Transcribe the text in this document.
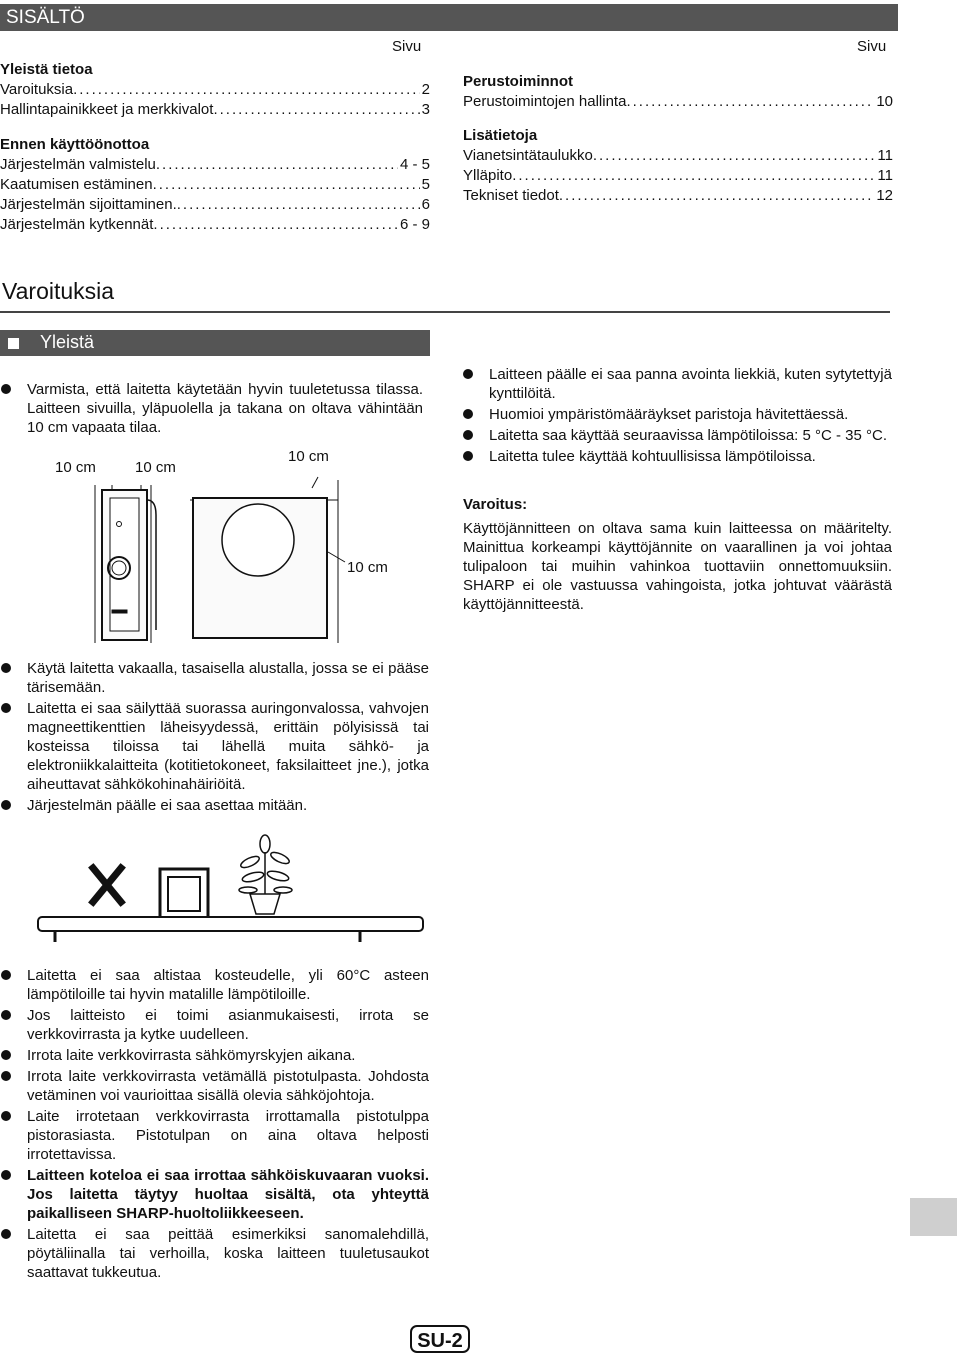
SISÄLTÖ
Sivu
Yleistä tietoa
Varoituksia .....	2
Hallintapainikkeet ja merkkivalot .....	3
Ennen käyttöönottoa
Järjestelmän valmistelu .....	4 - 5
Kaatumisen estäminen .....	5
Järjestelmän sijoittaminen. .....	6
Järjestelmän kytkennät .....	6 - 9
Sivu
Perustoiminnot
Perustoimintojen hallinta .....	10
Lisätietoja
Vianetsintätaulukko .....	11
Ylläpito .....	11
Tekniset tiedot .....	12
Varoituksia
Yleistä
Varmista, että laitetta käytetään hyvin tuuletetussa tilassa. Laitteen sivuilla, yläpuolella ja takana on oltava vähintään 10 cm vapaata tilaa.
10 cm	10 cm
10 cm
10 cm
Käytä laitetta vakaalla, tasaisella alustalla, jossa se ei pääse tärisemään.
Laitetta ei saa säilyttää suorassa auringonvalossa, vahvojen magneettikenttien läheisyydessä, erittäin pölyisissä tai kosteissa tiloissa tai lähellä muita sähkö- ja elektroniikkalaitteita (kotitietokoneet, faksilaitteet jne.), jotka aiheuttavat sähkökohinahäiriöitä.
Järjestelmän päälle ei saa asettaa mitään.
Laitetta ei saa altistaa kosteudelle, yli 60°C asteen lämpötiloille tai hyvin matalille lämpötiloille.
Jos laitteisto ei toimi asianmukaisesti, irrota se verkkovirrasta ja kytke uudelleen.
Irrota laite verkkovirrasta sähkömyrskyjen aikana.
Irrota laite verkkovirrasta vetämällä pistotulpasta. Johdosta vetäminen voi vaurioittaa sisällä olevia sähköjohtoja.
Laite irrotetaan verkkovirrasta irrottamalla pistotulppa pistorasiasta. Pistotulpan on aina oltava helposti irrotettavissa.
Laitteen koteloa ei saa irrottaa sähköiskuvaaran vuoksi. Jos laitetta täytyy huoltaa sisältä, ota yhteyttä paikalliseen SHARP-huoltoliikkeeseen.
Laitetta ei saa peittää esimerkiksi sanomalehdillä, pöytäliinalla tai verhoilla, koska laitteen tuuletusaukot saattavat tukkeutua.
Laitteen päälle ei saa panna avointa liekkiä, kuten sytytettyjä kynttilöitä.
Huomioi ympäristömääräykset paristoja hävitettäessä.
Laitetta saa käyttää seuraavissa lämpötiloissa: 5 °C - 35 °C.
Laitetta tulee käyttää kohtuullisissa lämpötiloissa.
Varoitus:
Käyttöjännitteen on oltava sama kuin laitteessa on määritelty. Mainittua korkeampi käyttöjännite on vaarallinen ja voi johtaa tulipaloon tai muihin vahinkoa tuottaviin onnettomuuksiin. SHARP ei ole vastuussa vahingoista, jotka johtuvat väärästä käyttöjännitteestä.
SU-2
